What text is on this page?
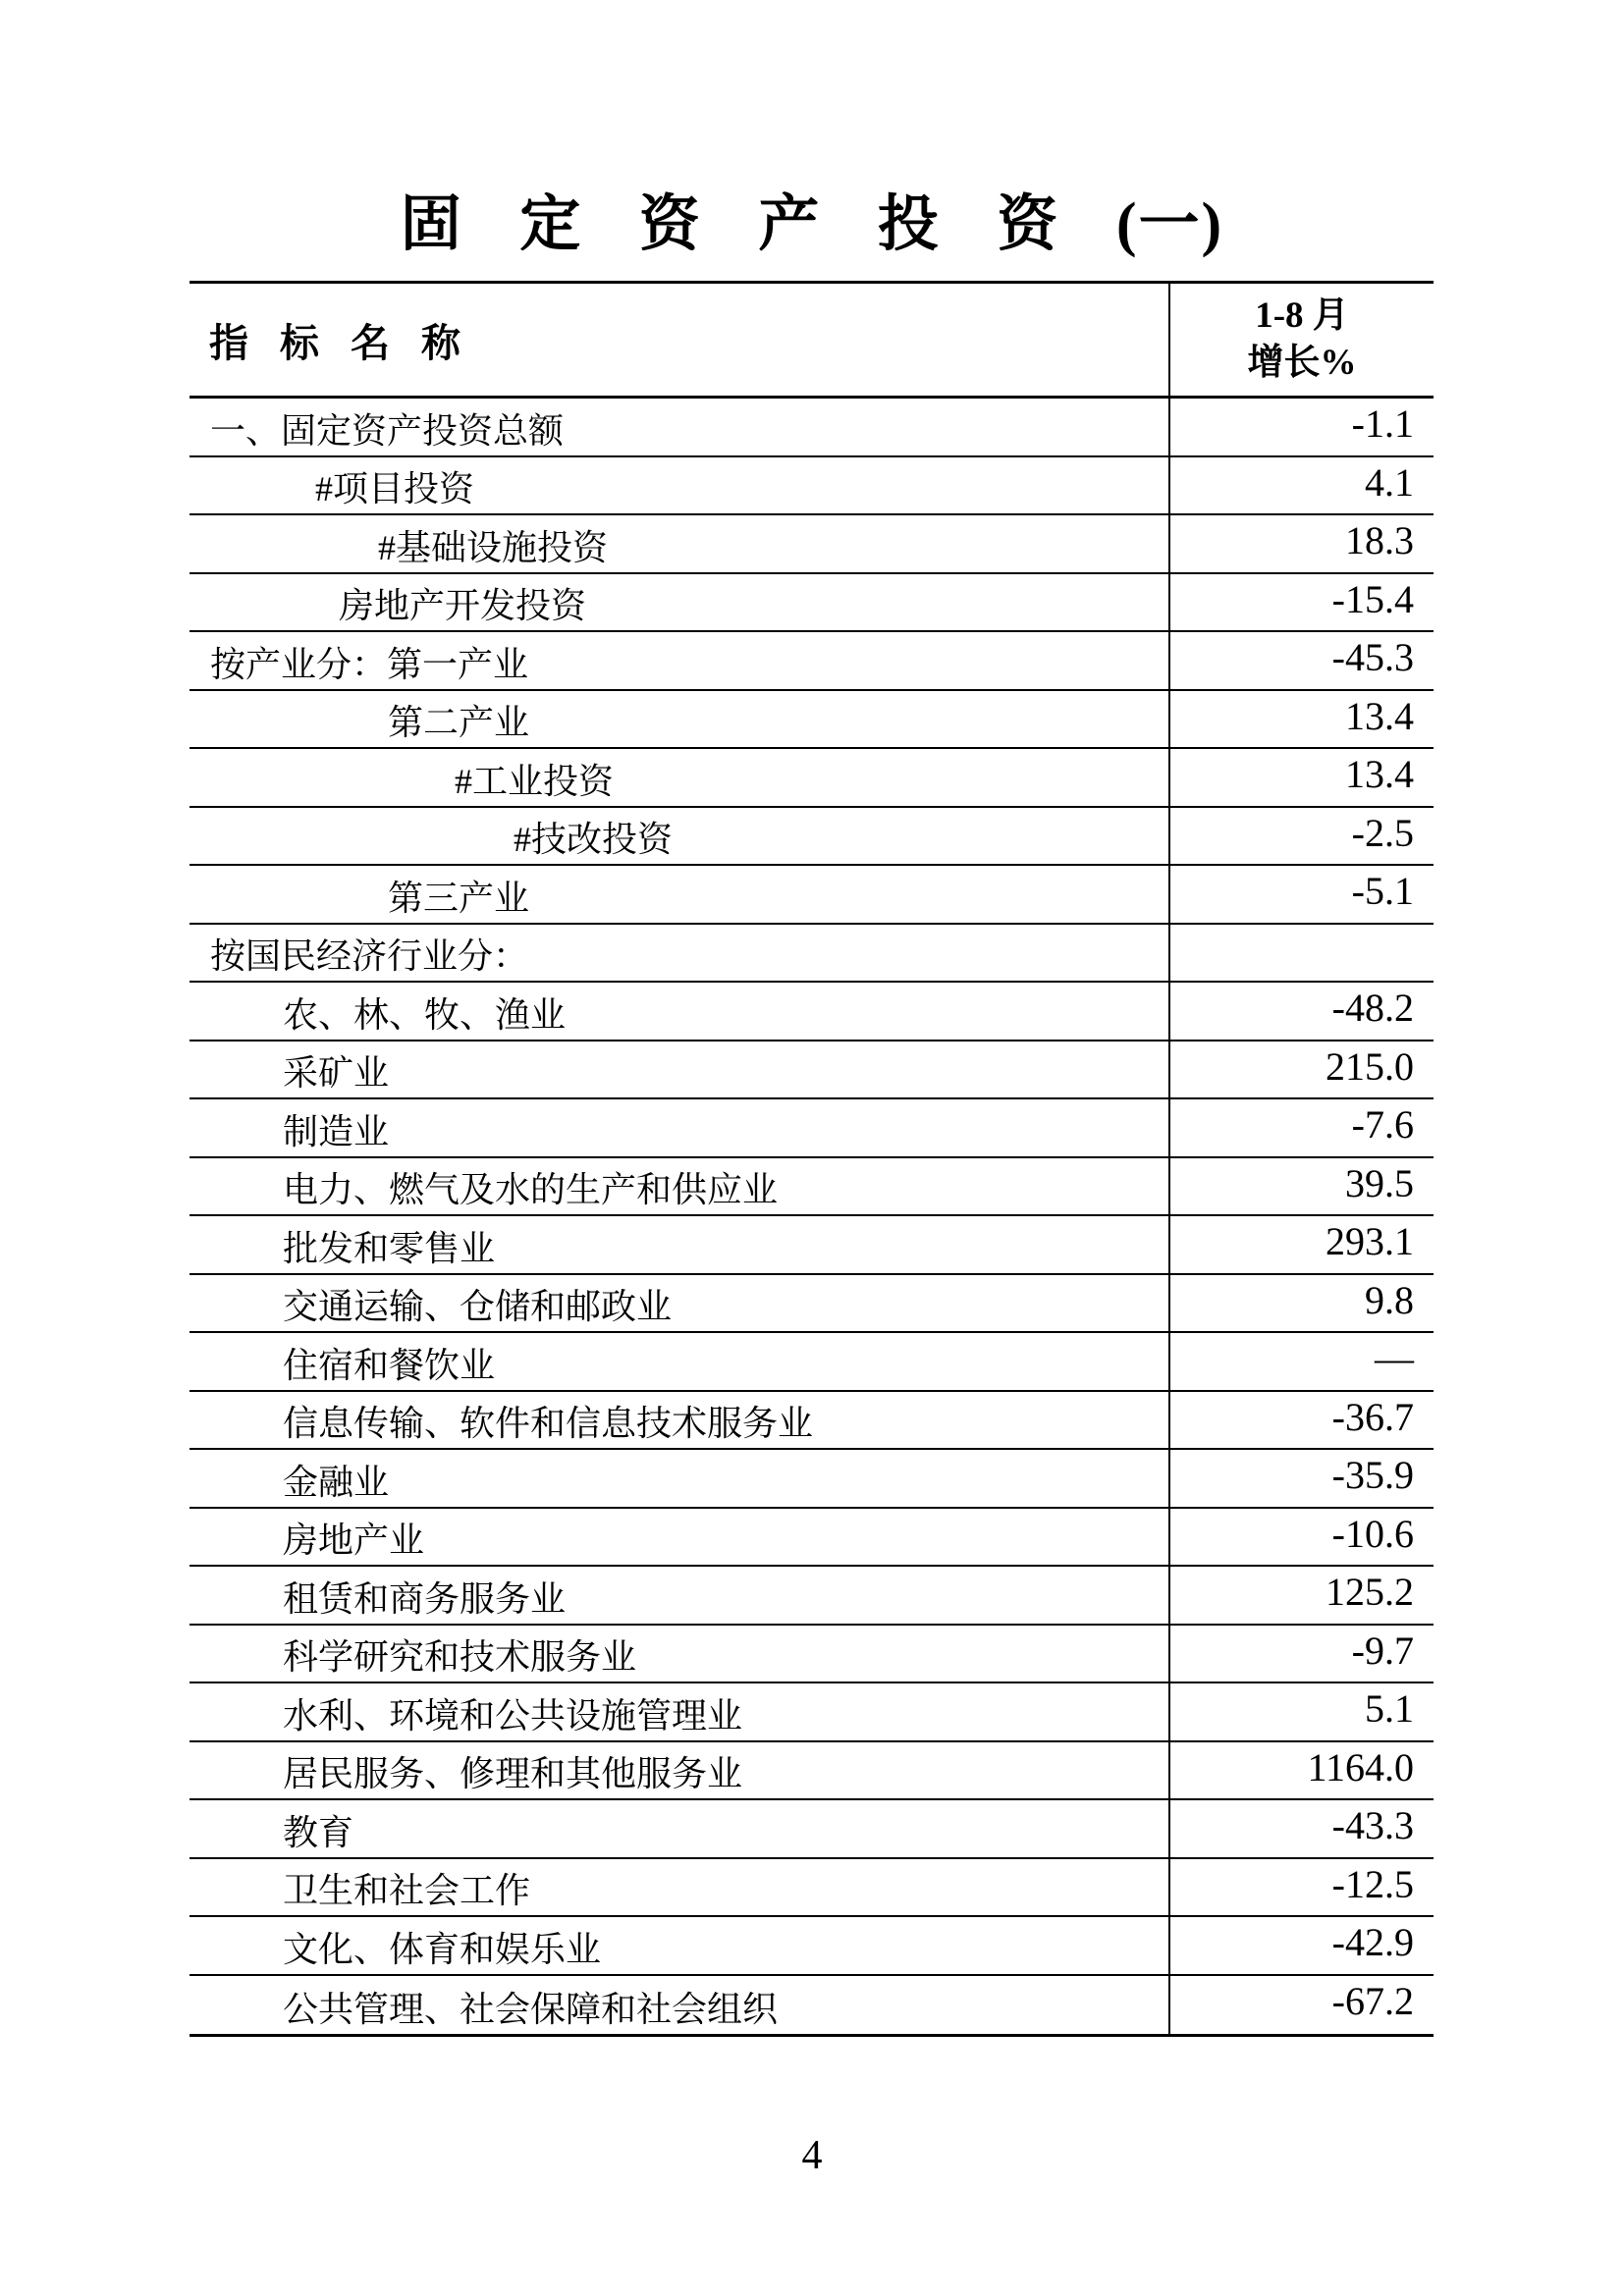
固 定 资 产 投 资 (一)
指 标 名 称
1-8 月
增长%
一、固定资产投资总额	-1.1
#项目投资	4.1
#基础设施投资	18.3
房地产开发投资	-15.4
按产业分：第一产业	-45.3
第二产业	13.4
#工业投资	13.4
#技改投资	-2.5
第三产业	-5.1
按国民经济行业分：
农、林、牧、渔业	-48.2
采矿业	215.0
制造业	-7.6
电力、燃气及水的生产和供应业	39.5
批发和零售业	293.1
交通运输、仓储和邮政业	9.8
住宿和餐饮业	—
信息传输、软件和信息技术服务业	-36.7
金融业	-35.9
房地产业	-10.6
租赁和商务服务业	125.2
科学研究和技术服务业	-9.7
水利、环境和公共设施管理业	5.1
居民服务、修理和其他服务业	1164.0
教育	-43.3
卫生和社会工作	-12.5
文化、体育和娱乐业	-42.9
公共管理、社会保障和社会组织	-67.2
4
